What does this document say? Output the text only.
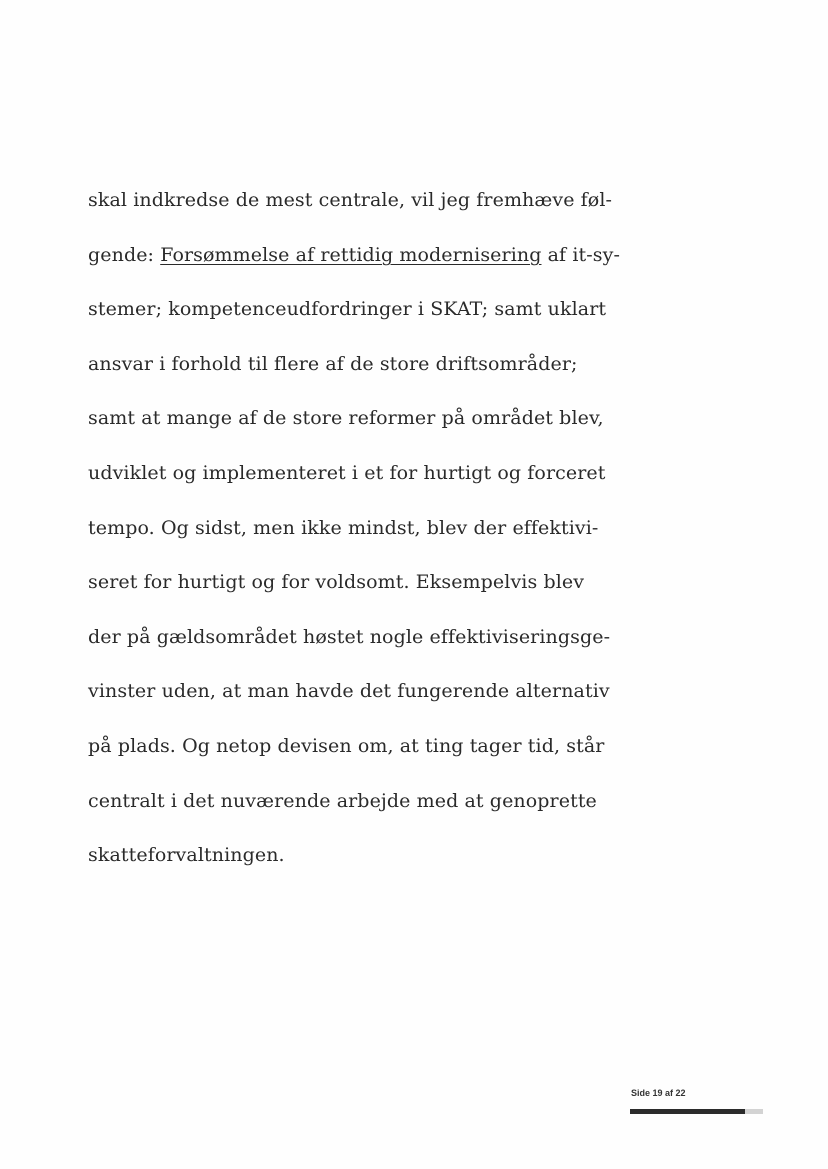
skal indkredse de mest centrale, vil jeg fremhæve føl-
gende: Forsømmelse af rettidig modernisering af it-sy-
stemer; kompetenceudfordringer i SKAT; samt uklart
ansvar i forhold til flere af de store driftsområder;
samt at mange af de store reformer på området blev,
udviklet og implementeret i et for hurtigt og forceret
tempo. Og sidst, men ikke mindst, blev der effektivi-
seret for hurtigt og for voldsomt. Eksempelvis blev
der på gældsområdet høstet nogle effektiviseringsge-
vinster uden, at man havde det fungerende alternativ
på plads. Og netop devisen om, at ting tager tid, står
centralt i det nuværende arbejde med at genoprette
skatteforvaltningen.
Side 19 af 22
